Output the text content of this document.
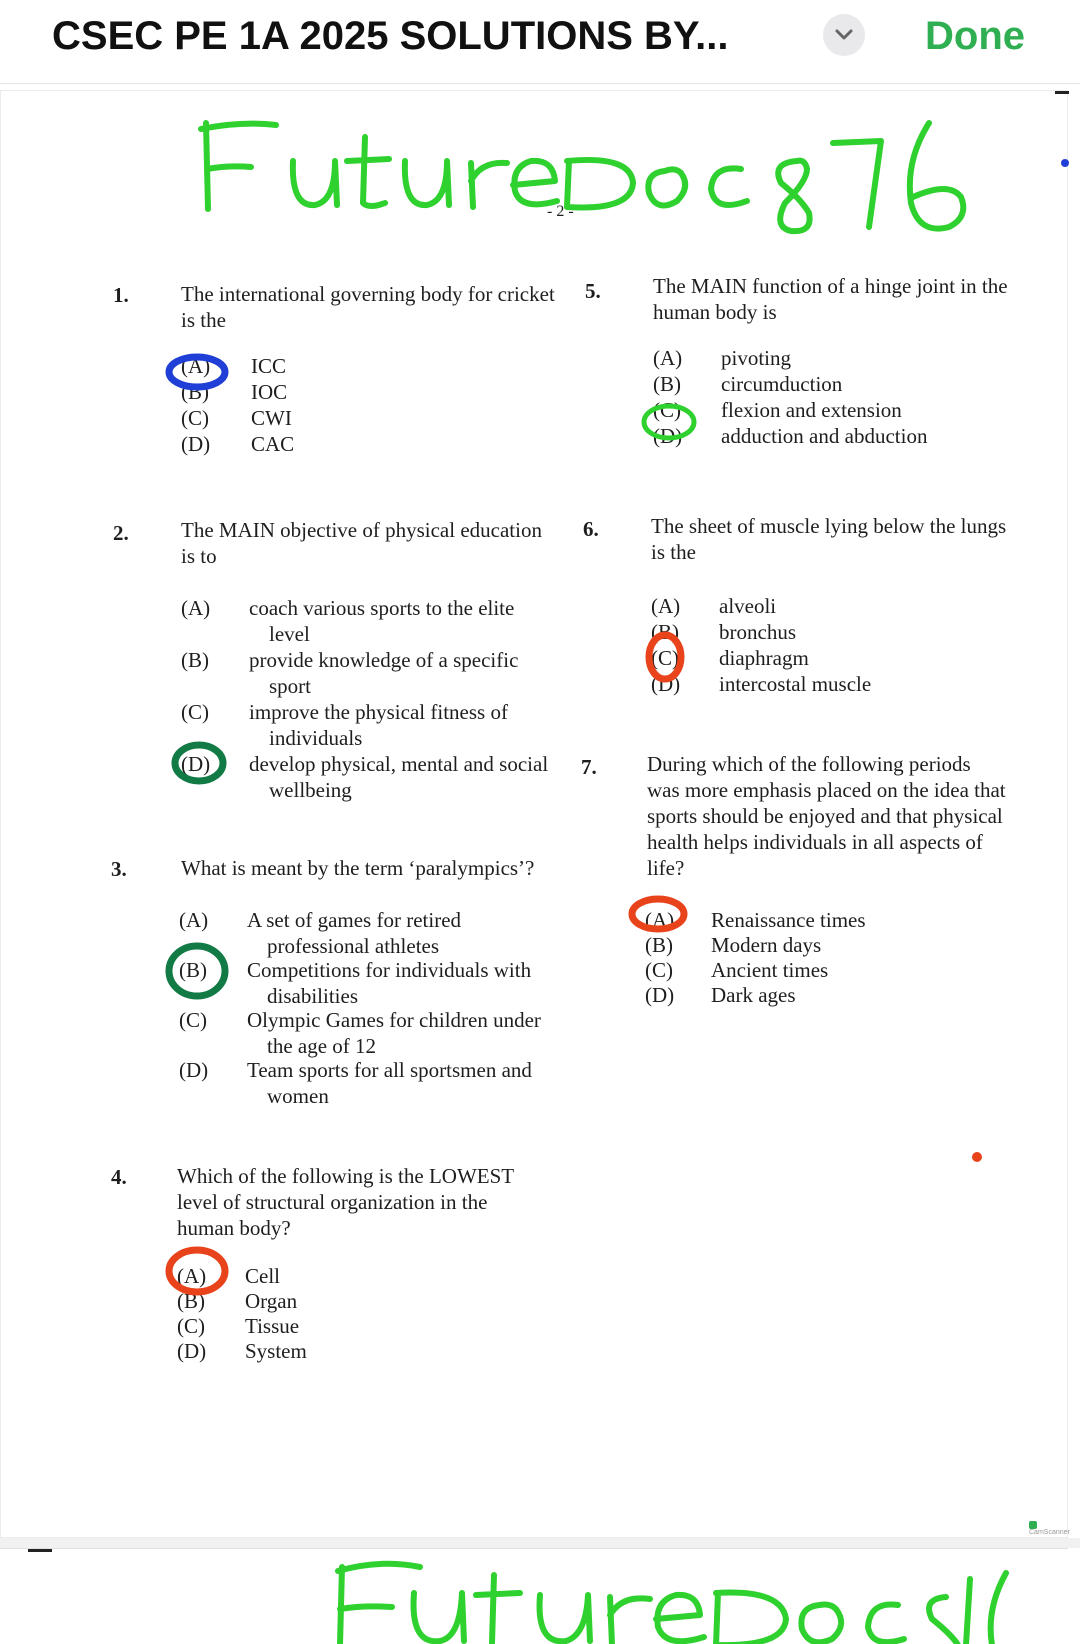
CSEC PE 1A 2025 SOLUTIONS BY...	Done
- 2 -
1. The international governing body for cricket
is the
(A)	ICC
(B)	IOC
(C)	CWI
(D)	CAC
2. The MAIN objective of physical education
is to
(A)	coach various sports to the elite
level
(B)	provide knowledge of a specific
sport
(C)	improve the physical fitness of
individuals
(D)	develop physical, mental and social
wellbeing
3.	What is meant by the term ‘paralympics’?
(A)	A set of games for retired
professional athletes
(B)	Competitions for individuals with
disabilities
(C)	Olympic Games for children under
the age of 12
(D)	Team sports for all sportsmen and
women
4. Which of the following is the LOWEST
level of structural organization in the
human body?
(A)	Cell
(B)	Organ
(C)	Tissue
(D)	System
5. The MAIN function of a hinge joint in the
human body is
(A)	pivoting
(B)	circumduction
(C)	flexion and extension
(D)	adduction and abduction
6. The sheet of muscle lying below the lungs
is the
(A)	alveoli
(B)	bronchus
(C)	diaphragm
(D)	intercostal muscle
7. During which of the following periods
was more emphasis placed on the idea that
sports should be enjoyed and that physical
health helps individuals in all aspects of
life?
(A)	Renaissance times
(B)	Modern days
(C)	Ancient times
(D)	Dark ages
CamScanner
